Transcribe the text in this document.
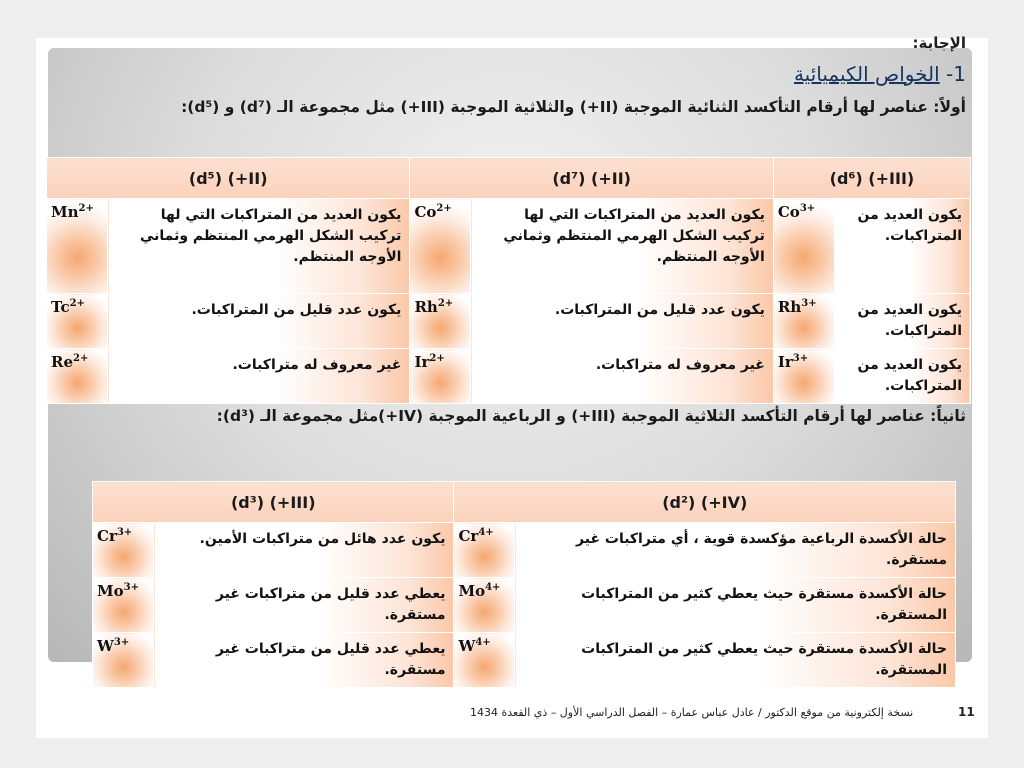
الإجابة:
1- الخواص الكيميائية
أولاً: عناصر لها أرقام التأكسد الثنائية الموجبة (II+) والثلاثية الموجبة (III+) مثل مجموعة الـ (d⁷) و (d⁵):
(III+) (d⁶)		(II+) (d⁷)		(II+) (d⁵)	
يكون العديد من المتراكبات.	$Co^{3+}$	يكون العديد من المتراكبات التي لها تركيب الشكل الهرمي المنتظم وثماني الأوجه المنتظم.	$Co^{2+}$	يكون العديد من المتراكبات التي لها تركيب الشكل الهرمي المنتظم وثماني الأوجه المنتظم.	$Mn^{2+}$
يكون العديد من المتراكبات.	$Rh^{3+}$	يكون عدد قليل من المتراكبات.	$Rh^{2+}$	يكون عدد قليل من المتراكبات.	$Tc^{2+}$
يكون العديد من المتراكبات.	$Ir^{3+}$	غير معروف له متراكبات.	$Ir^{2+}$	غير معروف له متراكبات.	$Re^{2+}$
ثانياً: عناصر لها أرقام التأكسد الثلاثية الموجبة (III+) و الرباعية الموجبة (IV+)مثل مجموعة الـ (d³):
(IV+) (d²)		(III+) (d³)	
حالة الأكسدة الرباعية مؤكسدة قوية ، أي متراكبات غير مستقرة.	$Cr^{4+}$	يكون عدد هائل من متراكبات الأمين.	$Cr^{3+}$
حالة الأكسدة مستقرة حيث يعطي كثير من المتراكبات المستقرة.	$Mo^{4+}$	يعطي عدد قليل من متراكبات غير مستقرة.	$Mo^{3+}$
حالة الأكسدة مستقرة حيث يعطي كثير من المتراكبات المستقرة.	$W^{4+}$	يعطي عدد قليل من متراكبات غير مستقرة.	$W^{3+}$
نسخة إلكترونية من موقع الدكتور / عادل عباس عمارة – الفصل الدراسي الأول – ذي القعدة 1434	11
